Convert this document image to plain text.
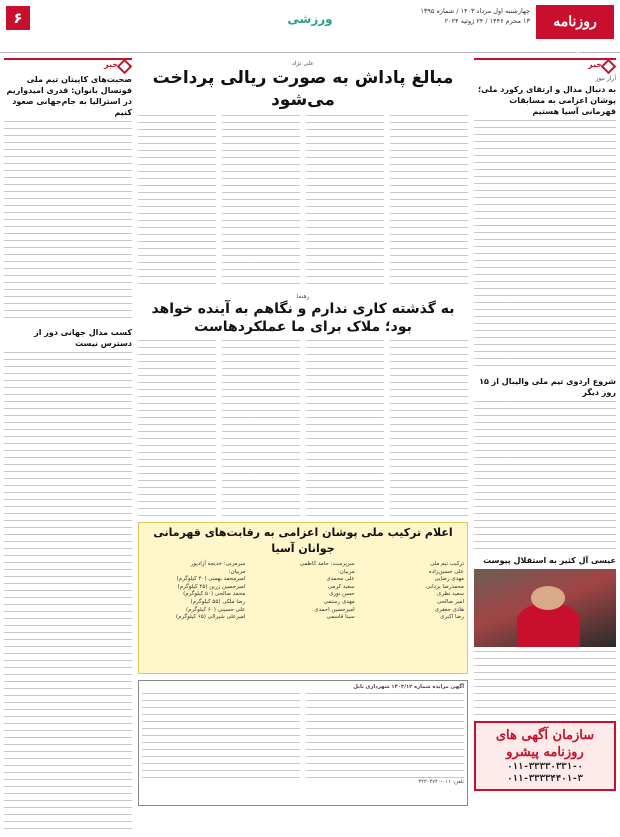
۶	ورزشی	روزنامه پیشرو
چهارشنبه اول مرداد ۱۴۰۳ / شماره ۱۳۹۵
۱۳ محرم ۱۴۴۶ / ۲۴ ژوئیه ۲۰۲۴
خبر
آراز نیوز
به دنبال مدال و ارتقای رکورد ملی؛ پوشان اعزامی به مسابقات قهرمانی آسیا هستیم
شروع اردوی تیم ملی والیبال از ۱۵ روز دیگر
عیسی آل کثیر به استقلال پیوست
سازمان آگهی های روزنامه پیشرو
۰۱۱-۳۳۳۳۰۳۳۱-۰
۰۱۱-۳۳۳۳۴۴۰۱-۳
علی نژاد
مبالغ پاداش به صورت ریالی پرداخت می‌شود
رهنما
به گذشته کاری ندارم و نگاهم به آینده خواهد بود؛ ملاک برای ما عملکرد‌هاست
اعلام ترکیب ملی پوشان اعزامی به رقابت‌های قهرمانی جوانان آسیا
ترکیب تیم ملی
علی حسین‌زاده
مهدی رضایی
محمدرضا یزدانی
سعید نظری
امیر صالحی
هادی جعفری
رضا اکبری
سرپرست: حامد کاظمی
مربیان:
علی محمدی
سعید کرمی
حسن نوری
مهدی رستمی
امیرحسین احمدی
سینا قاسمی
سرمربی: خدیجه آزادپور
مربیان:
امیرمحمد بهمنی (۴۰ کیلوگرم)
امیرحسین زرین (۴۵ کیلوگرم)
محمد صالحی (۵۰ کیلوگرم)
رضا ملکی (۵۵ کیلوگرم)
علی حسینی (۶۰ کیلوگرم)
امیرعلی شیرالی (۶۵ کیلوگرم)
آگهی مزایده شماره ۱۴۰۳/۱۲ شهرداری بابل
تلفن: ۰۱۱-۳۲۳۰۴۷۴۰
خبر
صحبت‌های کاپیتان تیم ملی فوتسال بانوان: قدری امیدواریم در استرالیا به جام‌جهانی صعود کنیم
کسب مدال جهانی دور از دسترس نیست
